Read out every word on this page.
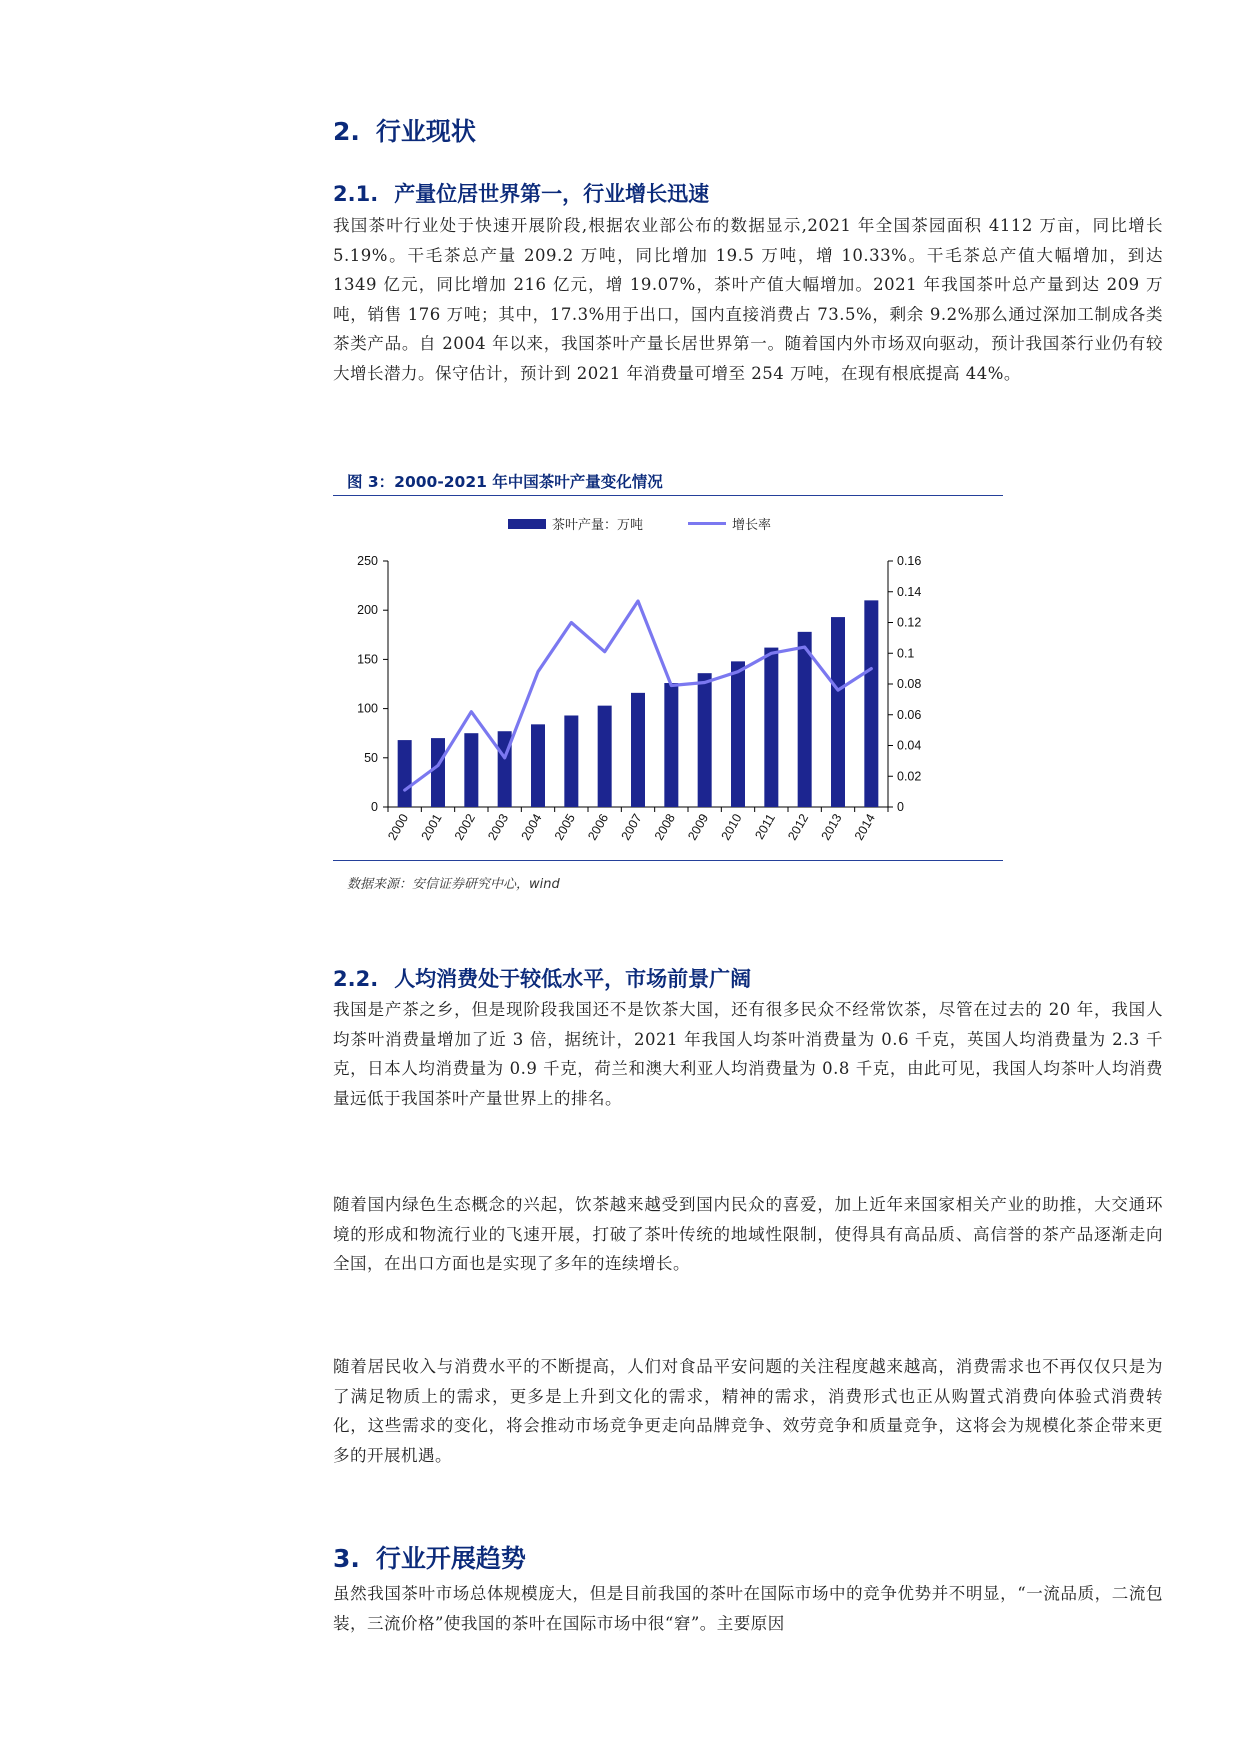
2. 行业现状
2.1. 产量位居世界第一，行业增长迅速

我国茶叶行业处于快速开展阶段,根据农业部公布的数据显示,2021 年全国茶园面积 4112 万亩，同比增长 5.19%。干毛茶总产量 209.2 万吨，同比增加 19.5 万吨，增 10.33%。干毛茶总产值大幅增加，到达 1349 亿元，同比增加 216 亿元，增 19.07%，茶叶产值大幅增加。2021 年我国茶叶总产量到达 209 万吨，销售 176 万吨；其中，17.3%用于出口，国内直接消费占 73.5%，剩余 9.2%那么通过深加工制成各类茶类产品。自 2004 年以来，我国茶叶产量长居世界第一。随着国内外市场双向驱动，预计我国茶行业仍有较大增长潜力。保守估计，预计到 2021 年消费量可增至 254 万吨，在现有根底提高 44%。

图 3：2000-2021 年中国茶叶产量变化情况
茶叶产量：万吨	增长率
0
50
100
150
200
250
0
0.02
0.04
0.06
0.08
0.1
0.12
0.14
0.16
2000 2001 2002 2003 2004 2005 2006 2007 2008 2009 2010 2011 2012 2013 2014
数据来源：安信证券研究中心，wind
2.2. 人均消费处于较低水平，市场前景广阔

我国是产茶之乡，但是现阶段我国还不是饮茶大国，还有很多民众不经常饮茶，尽管在过去的 20 年，我国人均茶叶消费量增加了近 3 倍，据统计，2021 年我国人均茶叶消费量为 0.6 千克，英国人均消费量为 2.3 千克，日本人均消费量为 0.9 千克，荷兰和澳大利亚人均消费量为 0.8 千克，由此可见，我国人均茶叶人均消费量远低于我国茶叶产量世界上的排名。

随着国内绿色生态概念的兴起，饮茶越来越受到国内民众的喜爱，加上近年来国家相关产业的助推，大交通环境的形成和物流行业的飞速开展，打破了茶叶传统的地域性限制，使得具有高品质、高信誉的茶产品逐渐走向全国，在出口方面也是实现了多年的连续增长。

随着居民收入与消费水平的不断提高，人们对食品平安问题的关注程度越来越高，消费需求也不再仅仅只是为了满足物质上的需求，更多是上升到文化的需求，精神的需求，消费形式也正从购置式消费向体验式消费转化，这些需求的变化，将会推动市场竞争更走向品牌竞争、效劳竞争和质量竞争，这将会为规模化茶企带来更多的开展机遇。

3. 行业开展趋势

虽然我国茶叶市场总体规模庞大，但是目前我国的茶叶在国际市场中的竞争优势并不明显，“一流品质，二流包装，三流价格”使我国的茶叶在国际市场中很“窘”。主要原因
